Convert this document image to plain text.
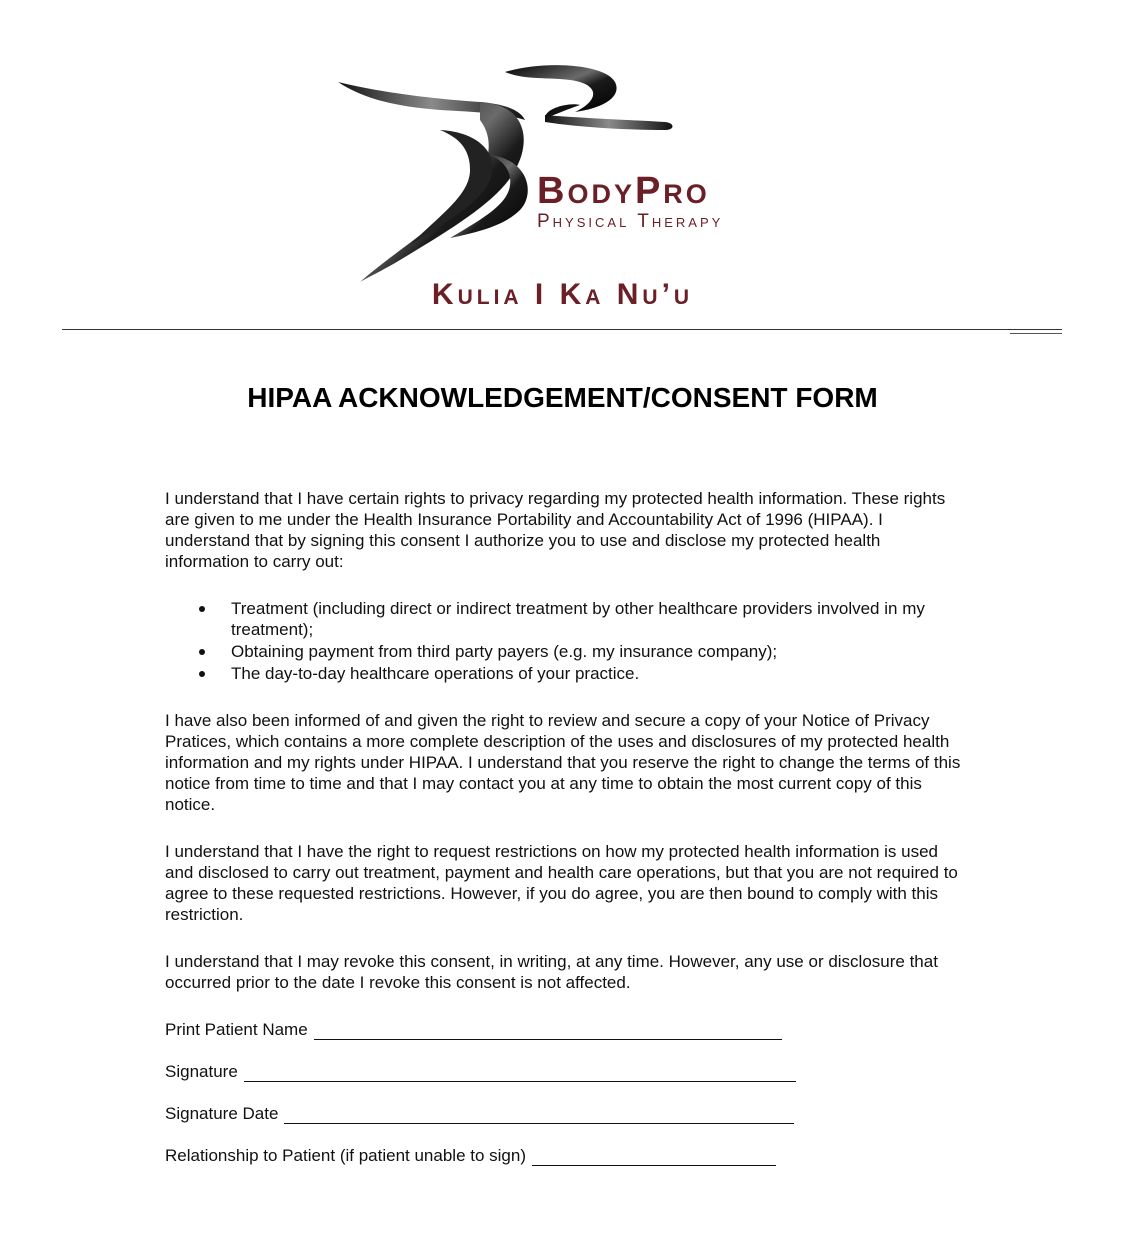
BodyPro
Physical Therapy
Kulia I Ka Nu’u
HIPAA ACKNOWLEDGEMENT/CONSENT FORM

I understand that I have certain rights to privacy regarding my protected health information. These rights are given to me under the Health Insurance Portability and Accountability Act of 1996 (HIPAA). I understand that by signing this consent I authorize you to use and disclose my protected health information to carry out:

Treatment (including direct or indirect treatment by other healthcare providers involved in my treatment);
Obtaining payment from third party payers (e.g. my insurance company);
The day-to-day healthcare operations of your practice.

I have also been informed of and given the right to review and secure a copy of your Notice of Privacy Pratices, which contains a more complete description of the uses and disclosures of my protected health information and my rights under HIPAA. I understand that you reserve the right to change the terms of this notice from time to time and that I may contact you at any time to obtain the most current copy of this notice.

I understand that I have the right to request restrictions on how my protected health information is used and disclosed to carry out treatment, payment and health care operations, but that you are not required to agree to these requested restrictions. However, if you do agree, you are then bound to comply with this restriction.

I understand that I may revoke this consent, in writing, at any time. However, any use or disclosure that occurred prior to the date I revoke this consent is not affected.

Print Patient Name
Signature
Signature Date
Relationship to Patient (if patient unable to sign)
